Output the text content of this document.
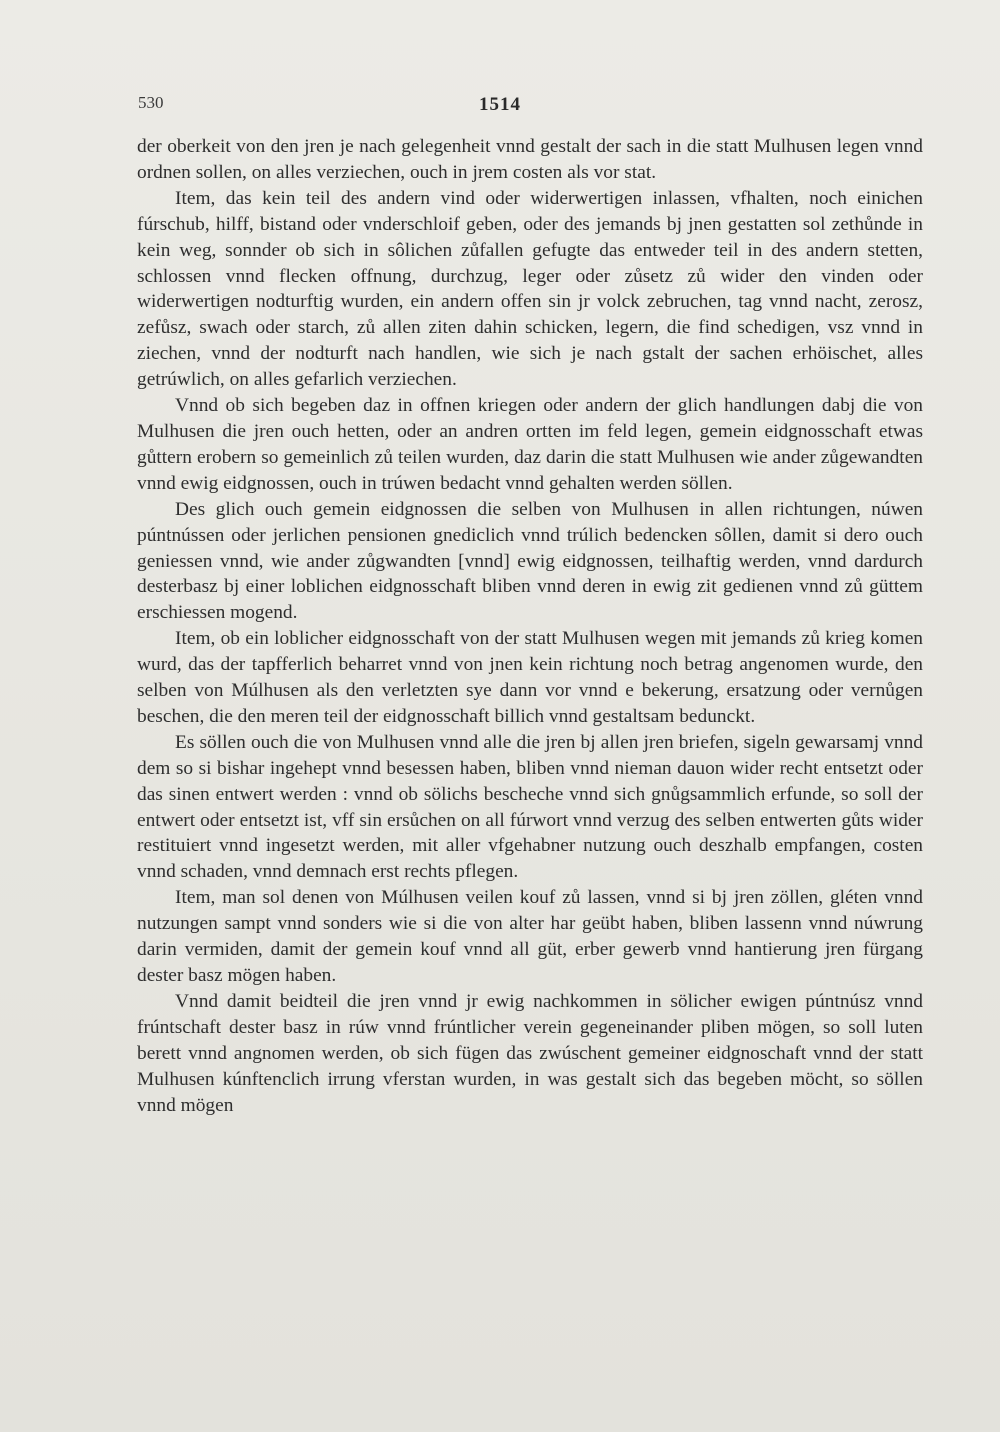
530	1514

der oberkeit von den jren je nach gelegenheit vnnd gestalt der sach in die statt Mulhusen legen vnnd ordnen sollen, on alles verziechen, ouch in jrem costen als vor stat.

Item, das kein teil des andern vind oder widerwertigen inlassen, vfhalten, noch einichen fúrschub, hilff, bistand oder vnderschloif geben, oder des jemands bj jnen gestatten sol zethůnde in kein weg, sonnder ob sich in sôlichen zůfallen gefugte das entweder teil in des andern stetten, schlossen vnnd flecken offnung, durchzug, leger oder zůsetz zů wider den vinden oder widerwertigen nodturftig wurden, ein andern offen sin jr volck zebruchen, tag vnnd nacht, zerosz, zefůsz, swach oder starch, zů allen ziten dahin schicken, legern, die find schedigen, vsz vnnd in ziechen, vnnd der nodturft nach handlen, wie sich je nach gstalt der sachen erhöischet, alles getrúwlich, on alles gefarlich verziechen.

Vnnd ob sich begeben daz in offnen kriegen oder andern der glich handlungen dabj die von Mulhusen die jren ouch hetten, oder an andren ortten im feld legen, gemein eidgnosschaft etwas gůttern erobern so gemeinlich zů teilen wurden, daz darin die statt Mulhusen wie ander zůgewandten vnnd ewig eidgnossen, ouch in trúwen bedacht vnnd gehalten werden söllen.

Des glich ouch gemein eidgnossen die selben von Mulhusen in allen richtungen, núwen púntnússen oder jerlichen pensionen gnediclich vnnd trúlich bedencken sôllen, damit si dero ouch geniessen vnnd, wie ander zůgwandten [vnnd] ewig eidgnossen, teilhaftig werden, vnnd dardurch desterbasz bj einer loblichen eidgnosschaft bliben vnnd deren in ewig zit gedienen vnnd zů güttem erschiessen mogend.

Item, ob ein loblicher eidgnosschaft von der statt Mulhusen wegen mit jemands zů krieg komen wurd, das der tapfferlich beharret vnnd von jnen kein richtung noch betrag angenomen wurde, den selben von Múlhusen als den verletzten sye dann vor vnnd e bekerung, ersatzung oder vernůgen beschen, die den meren teil der eidgnosschaft billich vnnd gestaltsam bedunckt.

Es söllen ouch die von Mulhusen vnnd alle die jren bj allen jren briefen, sigeln gewarsamj vnnd dem so si bishar ingehept vnnd besessen haben, bliben vnnd nieman dauon wider recht entsetzt oder das sinen entwert werden : vnnd ob sölichs bescheche vnnd sich gnůgsammlich erfunde, so soll der entwert oder entsetzt ist, vff sin ersůchen on all fúrwort vnnd verzug des selben entwerten gůts wider restituiert vnnd ingesetzt werden, mit aller vfgehabner nutzung ouch deszhalb empfangen, costen vnnd schaden, vnnd demnach erst rechts pflegen.

Item, man sol denen von Múlhusen veilen kouf zů lassen, vnnd si bj jren zöllen, gléten vnnd nutzungen sampt vnnd sonders wie si die von alter har geübt haben, bliben lassenn vnnd núwrung darin vermiden, damit der gemein kouf vnnd all güt, erber gewerb vnnd hantierung jren fürgang dester basz mögen haben.

Vnnd damit beidteil die jren vnnd jr ewig nachkommen in sölicher ewigen púntnúsz vnnd frúntschaft dester basz in rúw vnnd frúntlicher verein gegeneinander pliben mögen, so soll luten berett vnnd angnomen werden, ob sich fügen das zwúschent gemeiner eidgnoschaft vnnd der statt Mulhusen kúnftenclich irrung vferstan wurden, in was gestalt sich das begeben möcht, so söllen vnnd mögen
